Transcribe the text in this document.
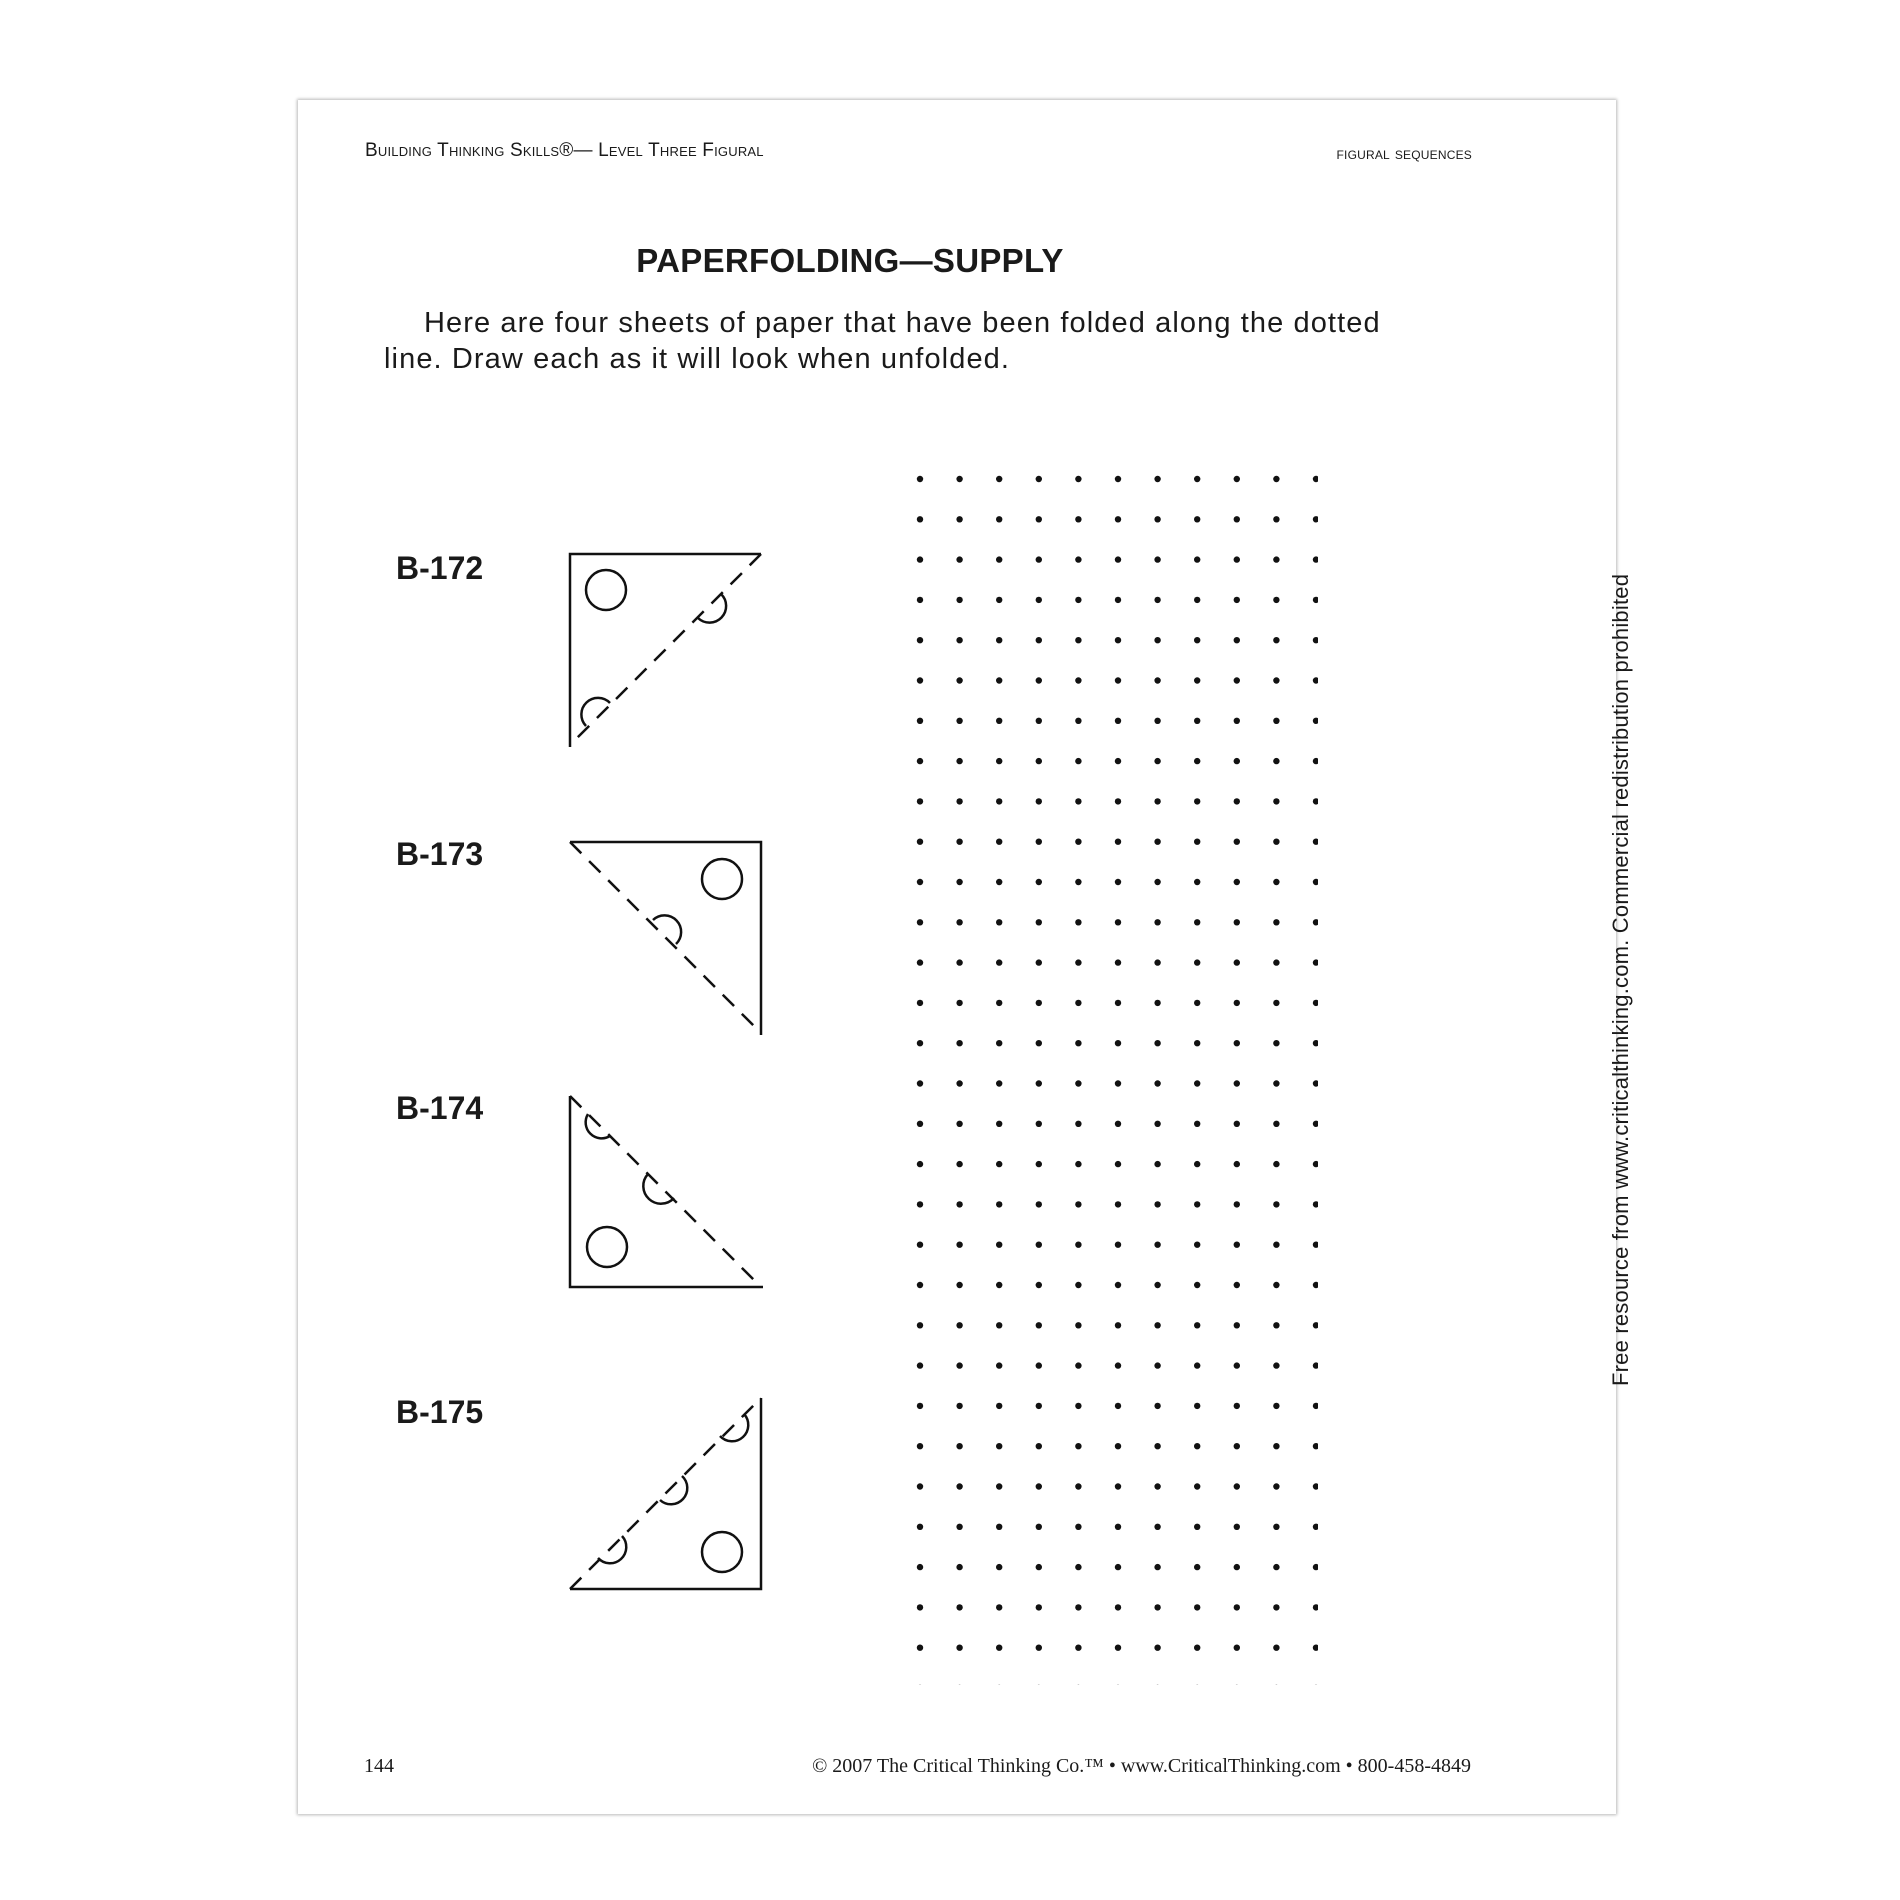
Building Thinking Skills®— Level Three Figural	figural sequences
PAPERFOLDING—SUPPLY
Here are four sheets of paper that have been folded along the dotted line. Draw each as it will look when unfolded.
B-172
B-173
B-174
B-175
Free resource from www.criticalthinking.com. Commercial redistribution prohibited
144	© 2007 The Critical Thinking Co.™ • www.CriticalThinking.com • 800-458-4849
